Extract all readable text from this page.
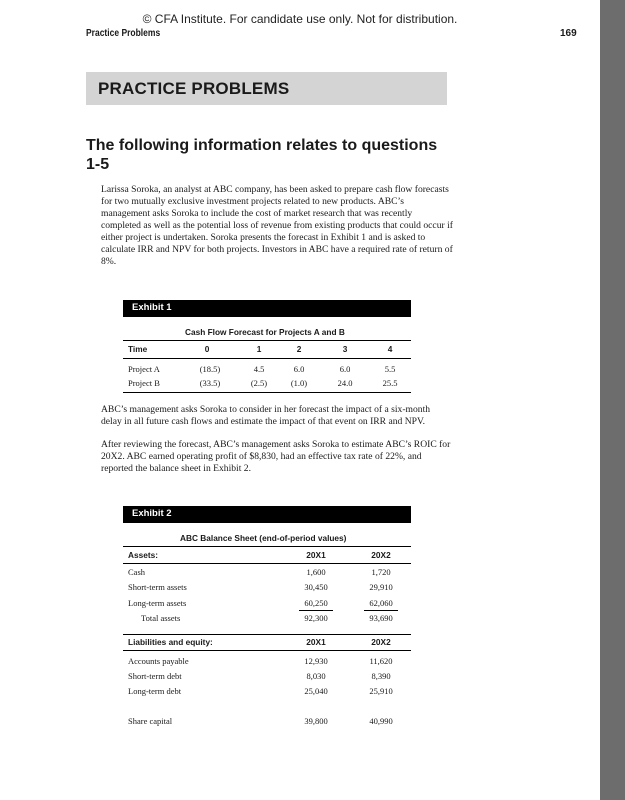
© CFA Institute. For candidate use only. Not for distribution.
Practice Problems	169
PRACTICE PROBLEMS
The following information relates to questions 1-5
Larissa Soroka, an analyst at ABC company, has been asked to prepare cash flow forecasts for two mutually exclusive investment projects related to new products. ABC’s management asks Soroka to include the cost of market research that was recently completed as well as the potential loss of revenue from existing products that could occur if either project is undertaken. Soroka presents the forecast in Exhibit 1 and is asked to calculate IRR and NPV for both projects. Investors in ABC have a required rate of return of 8%.
Exhibit 1
Cash Flow Forecast for Projects A and B
Time	0	1	2	3	4
Project A	(18.5)	4.5	6.0	6.0	5.5
Project B	(33.5)	(2.5)	(1.0)	24.0	25.5
ABC’s management asks Soroka to consider in her forecast the impact of a six-month delay in all future cash flows and estimate the impact of that event on IRR and NPV.
After reviewing the forecast, ABC’s management asks Soroka to estimate ABC’s ROIC for 20X2. ABC earned operating profit of $8,830, had an effective tax rate of 22%, and reported the balance sheet in Exhibit 2.
Exhibit 2
ABC Balance Sheet (end-of-period values)
Assets:	20X1	20X2
Cash	1,600	1,720
Short-term assets	30,450	29,910
Long-term assets	60,250	62,060
Total assets	92,300	93,690
Liabilities and equity:	20X1	20X2
Accounts payable	12,930	11,620
Short-term debt	8,030	8,390
Long-term debt	25,040	25,910
Share capital	39,800	40,990
